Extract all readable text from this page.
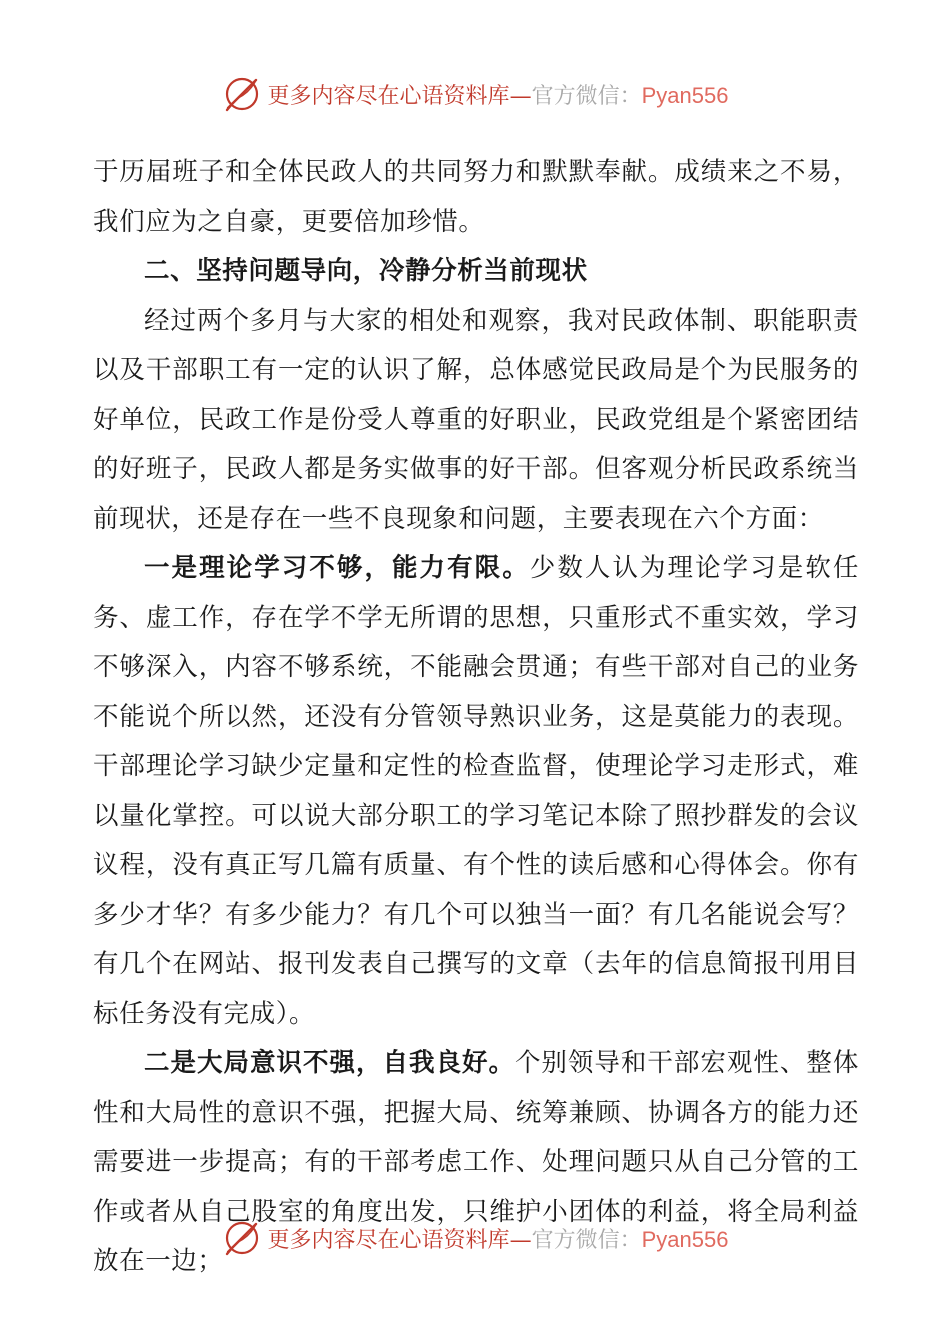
更多内容尽在心语资料库—官方微信：Pyan556

于历届班子和全体民政人的共同努力和默默奉献。成绩来之不易，我们应为之自豪，更要倍加珍惜。

二、坚持问题导向，冷静分析当前现状

经过两个多月与大家的相处和观察，我对民政体制、职能职责以及干部职工有一定的认识了解，总体感觉民政局是个为民服务的好单位，民政工作是份受人尊重的好职业，民政党组是个紧密团结的好班子，民政人都是务实做事的好干部。但客观分析民政系统当前现状，还是存在一些不良现象和问题，主要表现在六个方面：

一是理论学习不够，能力有限。少数人认为理论学习是软任务、虚工作，存在学不学无所谓的思想，只重形式不重实效，学习不够深入，内容不够系统，不能融会贯通；有些干部对自己的业务不能说个所以然，还没有分管领导熟识业务，这是莫能力的表现。干部理论学习缺少定量和定性的检查监督，使理论学习走形式，难以量化掌控。可以说大部分职工的学习笔记本除了照抄群发的会议议程，没有真正写几篇有质量、有个性的读后感和心得体会。你有多少才华？有多少能力？有几个可以独当一面？有几名能说会写？有几个在网站、报刊发表自己撰写的文章（去年的信息简报刊用目标任务没有完成）。

二是大局意识不强，自我良好。个别领导和干部宏观性、整体性和大局性的意识不强，把握大局、统筹兼顾、协调各方的能力还需要进一步提高；有的干部考虑工作、处理问题只从自己分管的工作或者从自己股室的角度出发，只维护小团体的利益，将全局利益放在一边；

更多内容尽在心语资料库—官方微信：Pyan556
